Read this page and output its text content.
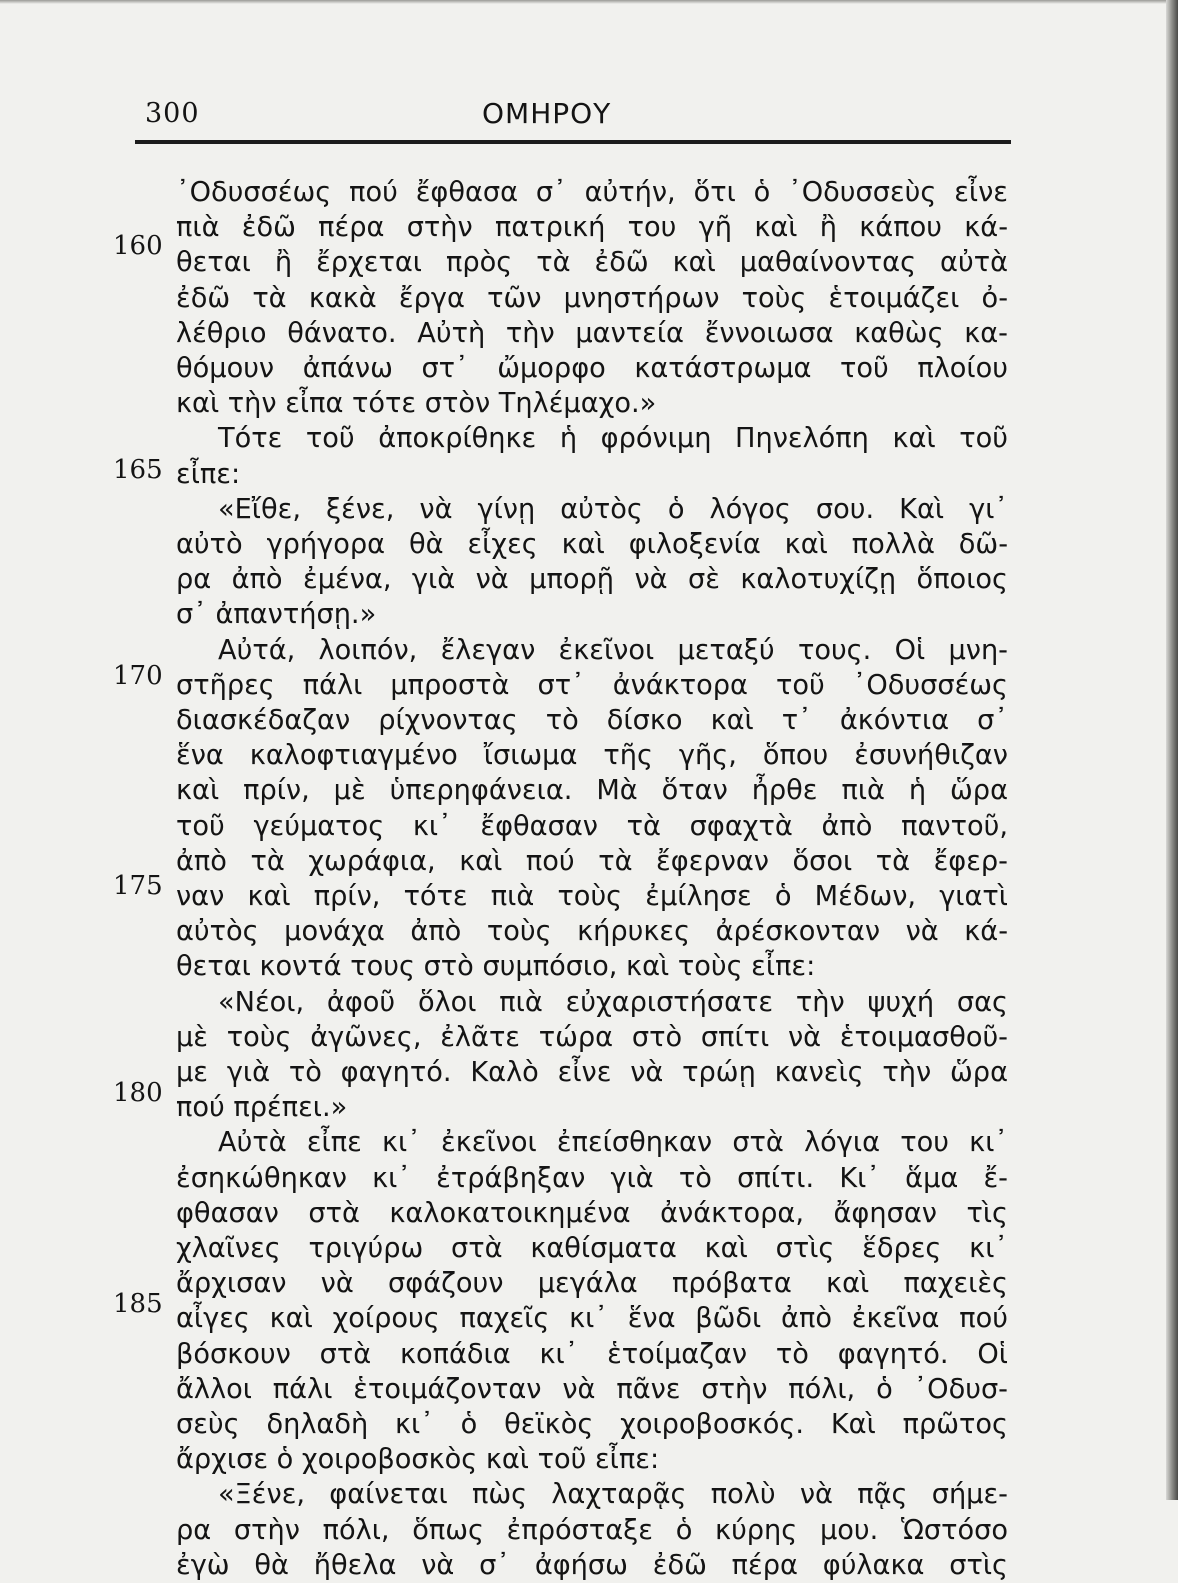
300	ΟΜΗΡΟΥ
160
165
170
175
180
185
᾿Οδυσσέως πού ἔφθασα σ᾿ αὐτήν, ὅτι ὁ ᾿Οδυσσεὺς εἶνε
πιὰ ἐδῶ πέρα στὴν πατρική του γῆ καὶ ἢ κάπου κά-
θεται ἢ ἔρχεται πρὸς τὰ ἐδῶ καὶ μαθαίνοντας αὐτὰ
ἐδῶ τὰ κακὰ ἔργα τῶν μνηστήρων τοὺς ἑτοιμάζει ὀ-
λέθριο θάνατο. Αὐτὴ τὴν μαντεία ἔννοιωσα καθὼς κα-
θόμουν ἀπάνω στ᾿ ὤμορφο κατάστρωμα τοῦ πλοίου
καὶ τὴν εἶπα τότε στὸν Τηλέμαχο.»
Τότε τοῦ ἀποκρίθηκε ἡ φρόνιμη Πηνελόπη καὶ τοῦ
εἶπε:
«Εἴθε, ξένε, νὰ γίνῃ αὐτὸς ὁ λόγος σου. Καὶ γι᾿
αὐτὸ γρήγορα θὰ εἶχες καὶ φιλοξενία καὶ πολλὰ δῶ-
ρα ἀπὸ ἐμένα, γιὰ νὰ μπορῇ νὰ σὲ καλοτυχίζῃ ὅποιος
σ᾿ ἀπαντήσῃ.»
Αὐτά, λοιπόν, ἔλεγαν ἐκεῖνοι μεταξύ τους. Οἱ μνη-
στῆρες πάλι μπροστὰ στ᾿ ἀνάκτορα τοῦ ᾿Οδυσσέως
διασκέδαζαν ρίχνοντας τὸ δίσκο καὶ τ᾿ ἀκόντια σ᾿
ἕνα καλοφτιαγμένο ἴσιωμα τῆς γῆς, ὅπου ἐσυνήθιζαν
καὶ πρίν, μὲ ὑπερηφάνεια. Μὰ ὅταν ἦρθε πιὰ ἡ ὥρα
τοῦ γεύματος κι᾿ ἔφθασαν τὰ σφαχτὰ ἀπὸ παντοῦ,
ἀπὸ τὰ χωράφια, καὶ πού τὰ ἔφερναν ὅσοι τὰ ἔφερ-
ναν καὶ πρίν, τότε πιὰ τοὺς ἐμίλησε ὁ Μέδων, γιατὶ
αὐτὸς μονάχα ἀπὸ τοὺς κήρυκες ἀρέσκονταν νὰ κά-
θεται κοντά τους στὸ συμπόσιο, καὶ τοὺς εἶπε:
«Νέοι, ἀφοῦ ὅλοι πιὰ εὐχαριστήσατε τὴν ψυχή σας
μὲ τοὺς ἀγῶνες, ἐλᾶτε τώρα στὸ σπίτι νὰ ἑτοιμασθοῦ-
με γιὰ τὸ φαγητό. Καλὸ εἶνε νὰ τρώῃ κανεὶς τὴν ὥρα
πού πρέπει.»
Αὐτὰ εἶπε κι᾿ ἐκεῖνοι ἐπείσθηκαν στὰ λόγια του κι᾿
ἐσηκώθηκαν κι᾿ ἐτράβηξαν γιὰ τὸ σπίτι. Κι᾿ ἅμα ἔ-
φθασαν στὰ καλοκατοικημένα ἀνάκτορα, ἄφησαν τὶς
χλαῖνες τριγύρω στὰ καθίσματα καὶ στὶς ἕδρες κι᾿
ἄρχισαν νὰ σφάζουν μεγάλα πρόβατα καὶ παχειὲς
αἶγες καὶ χοίρους παχεῖς κι᾿ ἕνα βῶδι ἀπὸ ἐκεῖνα πού
βόσκουν στὰ κοπάδια κι᾿ ἑτοίμαζαν τὸ φαγητό. Οἱ
ἄλλοι πάλι ἑτοιμάζονταν νὰ πᾶνε στὴν πόλι, ὁ ᾿Οδυσ-
σεὺς δηλαδὴ κι᾿ ὁ θεϊκὸς χοιροβοσκός. Καὶ πρῶτος
ἄρχισε ὁ χοιροβοσκὸς καὶ τοῦ εἶπε:
«Ξένε, φαίνεται πὼς λαχταρᾷς πολὺ νὰ πᾷς σήμε-
ρα στὴν πόλι, ὅπως ἐπρόσταξε ὁ κύρης μου. Ὡστόσο
ἐγὼ θὰ ἤθελα νὰ σ᾿ ἀφήσω ἐδῶ πέρα φύλακα στὶς
